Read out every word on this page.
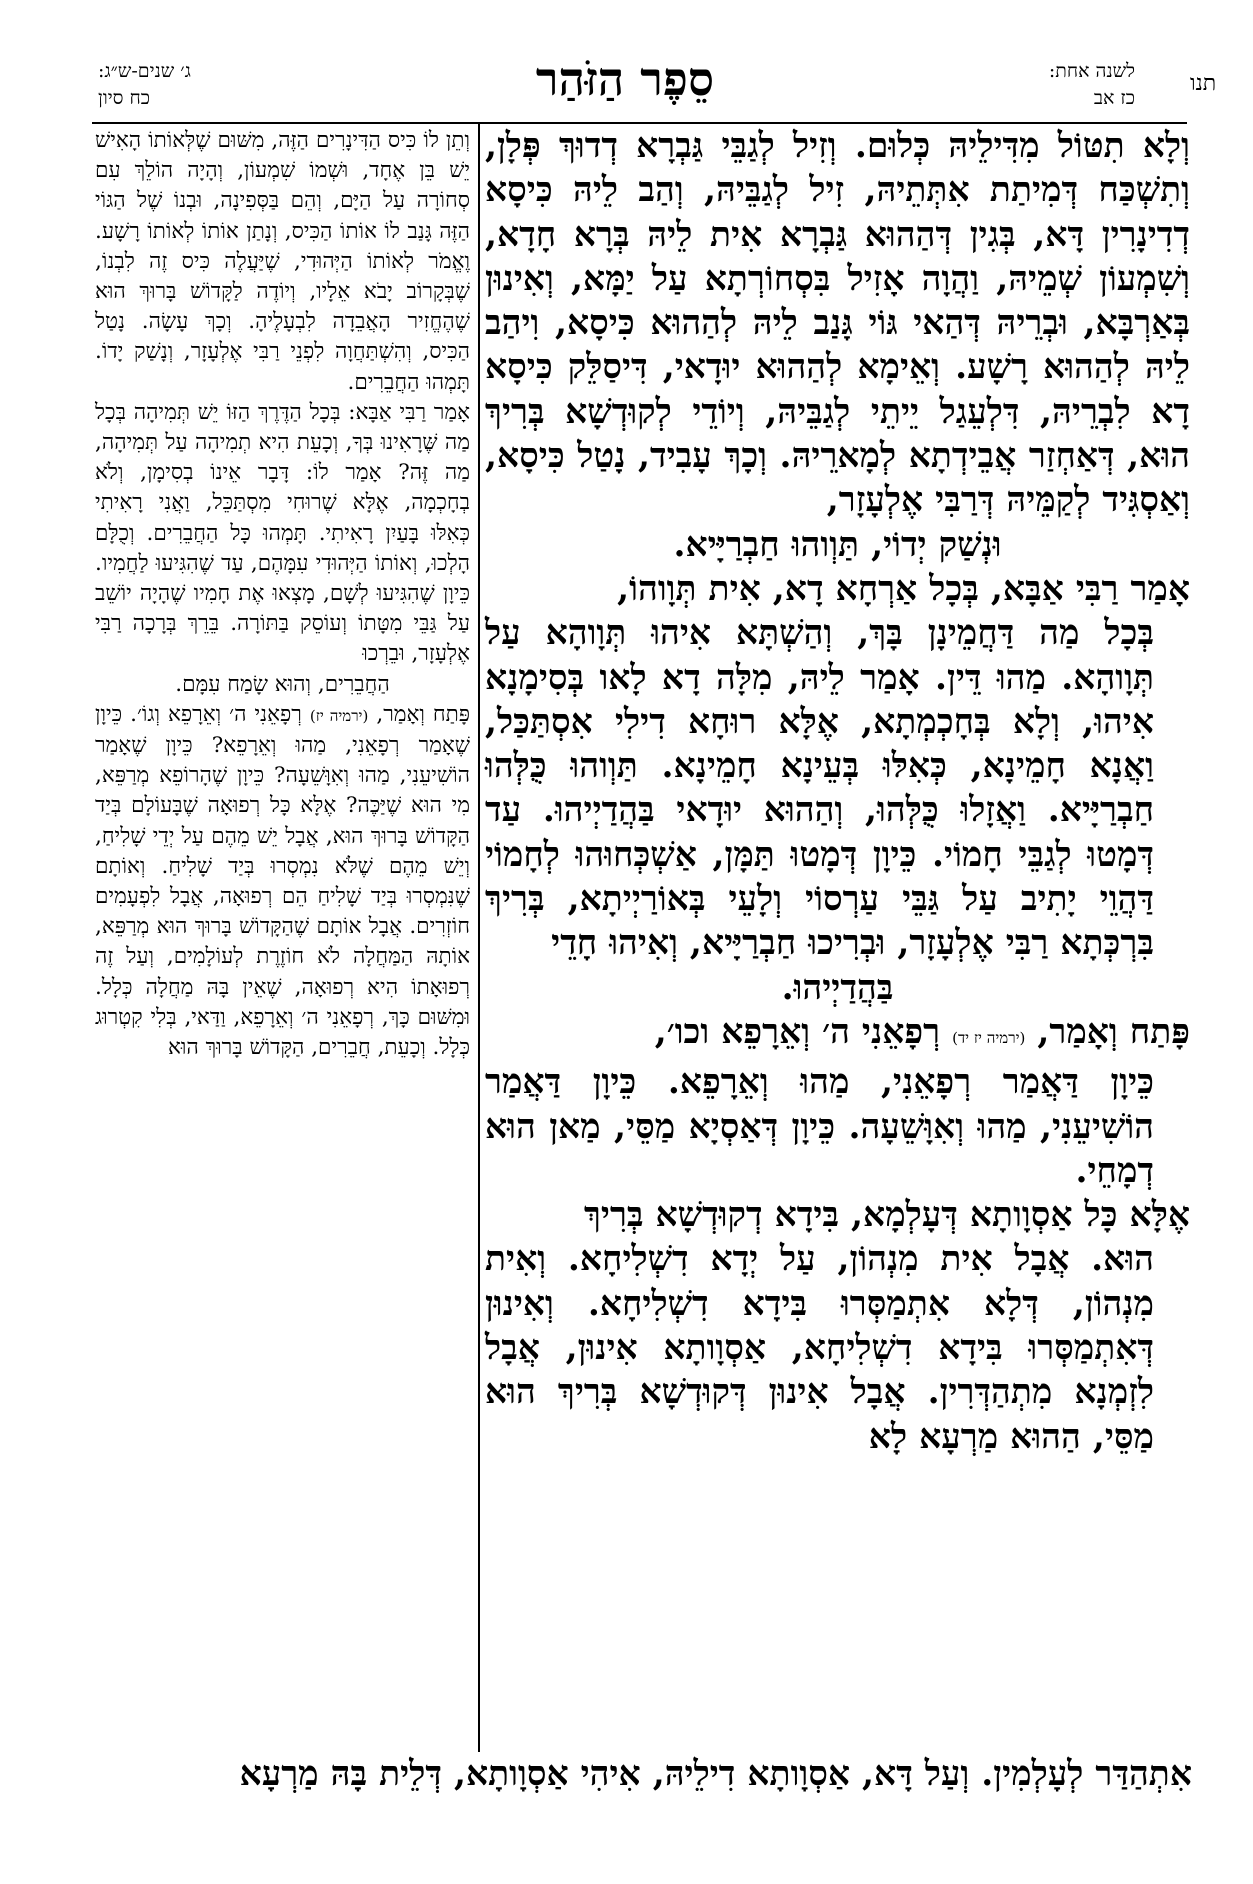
תנו
לשנה אחת:
כז אב
סֵפֶר הַזֹּהַר
ג׳ שנים-ש״ג:
כח סיון

וְלָא תִטּוֹל מִדִּילֵיהּ כְּלוּם. וְזִיל לְגַבֵּי גַּבְרָא דְדוּךְ פְּלָן, וְתִשְׁכַּח דְּמִיתַת אִתְּתֵיהּ, זִיל לְגַבֵּיהּ, וְהַב לֵיהּ כִּיסָא דְדִינָרִין דָּא, בְּגִין דְּהַהוּא גַּבְרָא אִית לֵיהּ בְּרָא חָדָא, וְשִׁמְעוֹן שְׁמֵיהּ, וַהֲוָה אָזִיל בִּסְחוֹרְתָא עַל יַמָּא, וְאִינוּן בְּאַרְבָּא, וּבְרֵיהּ דְּהַאי גּוֹי גָּנַב לֵיהּ לְהַהוּא כִּיסָא, וִיהַב לֵיהּ לְהַהוּא רָשָׁע. וְאֵימָא לְהַהוּא יוּדָאי, דִּיסַלֵּק כִּיסָא דָא לִבְרֵיהּ, דִּלְעֵגַל יֵיתֵי לְגַבֵּיהּ, וְיוֹדֵי לְקוּדְשָׁא בְּרִיךְ הוּא, דְּאַחְזַר אֲבֵידְתָא לְמָארֵיהּ. וְכָךְ עָבִיד, נָטַל כִּיסָא, וְאַסְגִּיד לְקַמֵּיהּ דְּרַבִּי אֶלְעָזָר,

וּנְשַׁק יְדוֹי, תַּוְוהוּ חַבְרַיָּיא.

אָמַר רַבִּי אַבָּא, בְּכָל אַרְחָא דָא, אִית תְּוָוהוֹ,

בְּכָל מַה דַּחֲמֵינָן בָּךְ, וְהַשְׁתָּא אִיהוּ תְּוָוהָא עַל תְּוָוהָא. מַהוּ דֵּין. אָמַר לֵיהּ, מִלָּה דָא לָאו בְּסִימָנָא אִיהוּ, וְלָא בְּחָכְמְתָא, אֶלָּא רוּחָא דִילִי אִסְתַּכַּל, וַאֲנָא חָמֵינָא, כְּאִלּוּ בְּעֵינָא חָמֵינָא. תַּוְוהוּ כֻּלְּהוּ חַבְרַיָּיא. וַאֲזָלוּ כֻּלְּהוּ, וְהַהוּא יוּדָאי בַּהֲדַיְיהוּ. עַד דְּמָטוּ לְגַבֵּי חָמוֹי. כֵּיוָן דְּמָטוּ תַּמָּן, אַשְׁכְּחוּהוּ לְחָמוֹי דַּהֲוֵי יָתִיב עַל גַּבֵּי עַרְסוֹי וְלָעֵי בְּאוֹרַיְיתָא, בְּרִיךְ בִּרְכְּתָא רַבִּי אֶלְעָזָר, וּבְרִיכוּ חַבְרַיָּיא, וְאִיהוּ חָדֵי

בַּהֲדַיְיהוּ.

פָּתַח וְאָמַר, (ירמיה יז יד) רְפָאֵנִי ה׳ וְאֵרָפֵא וכו׳,

כֵּיוָן דַּאֲמַר רְפָאֵנִי, מַהוּ וְאֵרָפֵא. כֵּיוָן דַּאֲמַר הוֹשִׁיעֵנִי, מַהוּ וְאִוָּשֵׁעָה. כֵּיוָן דְּאַסְיָא מַסֵּי, מַאן הוּא דְמָחֵי.

אֶלָּא כָּל אַסְוָותָא דְּעָלְמָא, בִּידָא דְקוּדְשָׁא בְּרִיךְ

הוּא. אֲבָל אִית מִנְהוֹן, עַל יְדָא דִשְׁלִיחָא. וְאִית מִנְהוֹן, דְּלָא אִתְמַסְּרוּ בִּידָא דִשְׁלִיחָא. וְאִינוּן דְּאִתְמַסְּרוּ בִּידָא דִשְׁלִיחָא, אַסְוָותָא אִינוּן, אֲבָל לִזְמְנָא מִתְהַדְּרִין. אֲבָל אִינוּן דְּקוּדְשָׁא בְּרִיךְ הוּא מַסֵּי, הַהוּא מַרְעָא לָא

וְתֵן לוֹ כִּיס הַדִּינָרִים הַזֶּה, מִשּׁוּם שֶׁלְּאוֹתוֹ הָאִישׁ יֵשׁ בֵּן אֶחָד, וּשְׁמוֹ שִׁמְעוֹן, וְהָיָה הוֹלֵךְ עִם סְחוֹרָה עַל הַיָּם, וְהֵם בַּסְּפִינָה, וּבְנוֹ שֶׁל הַגּוֹי הַזֶּה גָּנַב לוֹ אוֹתוֹ הַכִּיס, וְנָתַן אוֹתוֹ לְאוֹתוֹ רָשָׁע. וֶאֱמֹר לְאוֹתוֹ הַיְּהוּדִי, שֶׁיַּעֲלֶה כִּיס זֶה לִבְנוֹ, שֶׁבְּקָרוֹב יָבֹא אֵלָיו, וְיוֹדֶה לַקָּדוֹשׁ בָּרוּךְ הוּא שֶׁהֶחֱזִיר הָאֲבֵדָה לִבְעָלֶיהָ. וְכָךְ עָשָׂה. נָטַל הַכִּיס, וְהִשְׁתַּחֲוָה לִפְנֵי רַבִּי אֶלְעָזָר, וְנָשַׁק יָדוֹ. תָּמְהוּ הַחֲבֵרִים.

אָמַר רַבִּי אַבָּא: בְּכָל הַדֶּרֶךְ הַזּוֹ יֵשׁ תְּמִיהָה בְּכָל מַה שֶּׁרָאִינוּ בְּךָ, וְכָעֵת הִיא תְמִיהָה עַל תְּמִיהָה, מַה זֶּה? אָמַר לוֹ: דָּבָר אֵינוֹ בְסִימָן, וְלֹא בְחָכְמָה, אֶלָּא שֶׁרוּחִי מִסְתַּכֵּל, וַאֲנִי רָאִיתִי כְּאִלּוּ בָּעַיִן רָאִיתִי. תָּמְהוּ כָּל הַחֲבֵרִים. וְכֻלָּם הָלְכוּ, וְאוֹתוֹ הַיְּהוּדִי עִמָּהֶם, עַד שֶׁהִגִּיעוּ לַחֲמִיו. כֵּיוָן שֶׁהִגִּיעוּ לְשָׁם, מָצְאוּ אֶת חָמִיו שֶׁהָיָה יוֹשֵׁב עַל גַּבֵּי מִטָּתוֹ וְעוֹסֵק בַּתּוֹרָה. בֵּרֵךְ בְּרָכָה רַבִּי אֶלְעָזָר, וּבֵרְכוּ

הַחֲבֵרִים, וְהוּא שָׂמַח עִמָּם.

פָּתַח וְאָמַר, (ירמיה יז) רְפָאֵנִי ה׳ וְאֵרָפֵא וְגוֹ׳. כֵּיוָן שֶׁאָמַר רְפָאֵנִי, מַהוּ וְאֵרָפֵא? כֵּיוָן שֶׁאָמַר הוֹשִׁיעֵנִי, מַהוּ וְאִוָּשֵׁעָה? כֵּיוָן שֶׁהָרוֹפֵא מְרַפֵּא, מִי הוּא שֶׁיַּכֶּה? אֶלָּא כָּל רְפוּאָה שֶׁבָּעוֹלָם בְּיַד הַקָּדוֹשׁ בָּרוּךְ הוּא, אֲבָל יֵשׁ מֵהֶם עַל יְדֵי שָׁלִיחַ, וְיֵשׁ מֵהֶם שֶׁלֹּא נִמְסְרוּ בְּיַד שָׁלִיחַ. וְאוֹתָם שֶׁנִּמְסְרוּ בְּיַד שָׁלִיחַ הֵם רְפוּאָה, אֲבָל לִפְעָמִים חוֹזְרִים. אֲבָל אוֹתָם שֶׁהַקָּדוֹשׁ בָּרוּךְ הוּא מְרַפֵּא, אוֹתָהּ הַמַּחֲלָה לֹא חוֹזֶרֶת לְעוֹלָמִים, וְעַל זֶה רְפוּאָתוֹ הִיא רְפוּאָה, שֶׁאֵין בָּהּ מַחֲלָה כְּלָל. וּמִשּׁוּם כָּךְ, רְפָאֵנִי ה׳ וְאֵרָפֵא, וַדַּאי, בְּלִי קִטְרוּג כְּלָל. וְכָעֵת, חֲבֵרִים, הַקָּדוֹשׁ בָּרוּךְ הוּא

אִתְהַדַּר לְעָלְמִין. וְעַל דָּא, אַסְוָותָא דִילֵיהּ, אִיהִי אַסְוָותָא, דְּלֵית בָּהּ מַרְעָא
